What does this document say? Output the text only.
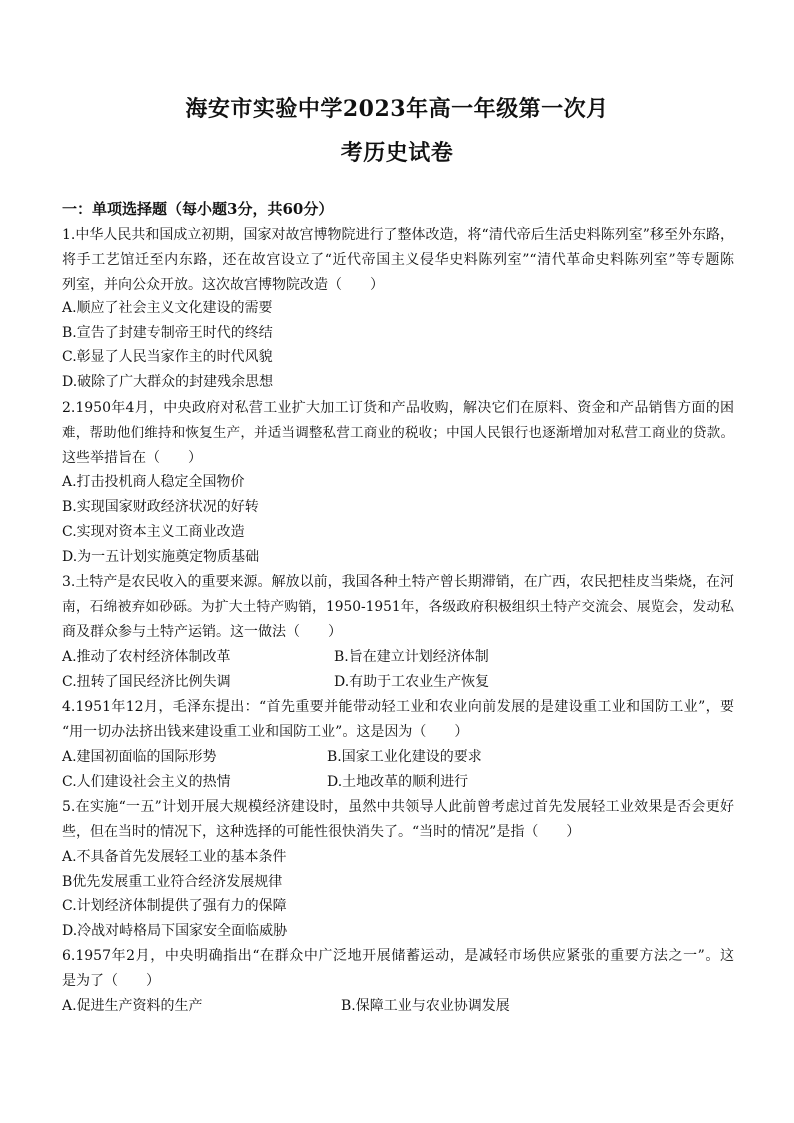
海安市实验中学2023年高一年级第一次月
考历史试卷
一：单项选择题（每小题3分，共60分）
1.中华人民共和国成立初期，国家对故宫博物院进行了整体改造，将“清代帝后生活史料陈列室”移至外东路，
将手工艺馆迁至内东路，还在故宫设立了“近代帝国主义侵华史料陈列室”“清代革命史料陈列室”等专题陈
列室，并向公众开放。这次故宫博物院改造（　　）
A.顺应了社会主义文化建设的需要
B.宣告了封建专制帝王时代的终结
C.彰显了人民当家作主的时代风貌
D.破除了广大群众的封建残余思想
2.1950年4月，中央政府对私营工业扩大加工订货和产品收购，解决它们在原料、资金和产品销售方面的困
难，帮助他们维持和恢复生产，并适当调整私营工商业的税收；中国人民银行也逐渐增加对私营工商业的贷款。
这些举措旨在（　　）
A.打击投机商人稳定全国物价
B.实现国家财政经济状况的好转
C.实现对资本主义工商业改造
D.为一五计划实施奠定物质基础
3.土特产是农民收入的重要来源。解放以前，我国各种土特产曾长期滞销，在广西，农民把桂皮当柴烧，在河
南，石绵被弃如砂砾。为扩大土特产购销，1950-1951年，各级政府积极组织土特产交流会、展览会，发动私
商及群众参与土特产运销。这一做法（　　）
A.推动了农村经济体制改革	B.旨在建立计划经济体制
C.扭转了国民经济比例失调	D.有助于工农业生产恢复
4.1951年12月，毛泽东提出：“首先重要并能带动轻工业和农业向前发展的是建设重工业和国防工业”，要
“用一切办法挤出钱来建设重工业和国防工业”。这是因为（　　）
A.建国初面临的国际形势	B.国家工业化建设的要求
C.人们建设社会主义的热情	D.土地改革的顺利进行
5.在实施“一五”计划开展大规模经济建设时，虽然中共领导人此前曾考虑过首先发展轻工业效果是否会更好
些，但在当时的情况下，这种选择的可能性很快消失了。“当时的情况”是指（　　）
A.不具备首先发展轻工业的基本条件
B优先发展重工业符合经济发展规律
C.计划经济体制提供了强有力的保障
D.冷战对峙格局下国家安全面临威胁
6.1957年2月，中央明确指出“在群众中广泛地开展储蓄运动，是减轻市场供应紧张的重要方法之一”。这
是为了（　　）
A.促进生产资料的生产	B.保障工业与农业协调发展
